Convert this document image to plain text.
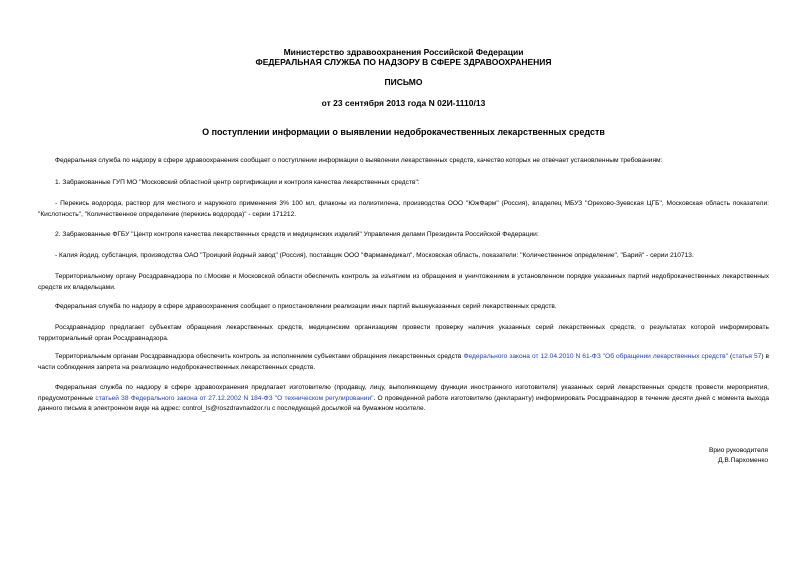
Министерство здравоохранения Российской Федерации
ФЕДЕРАЛЬНАЯ СЛУЖБА ПО НАДЗОРУ В СФЕРЕ ЗДРАВООХРАНЕНИЯ
ПИСЬМО
от 23 сентября 2013 года N 02И-1110/13
О поступлении информации о выявлении недоброкачественных лекарственных средств
Федеральная служба по надзору в сфере здравоохранения сообщает о поступлении информации о выявлении лекарственных средств, качество которых не отвечает установленным требованиям:
1. Забракованные ГУП МО "Московский областной центр сертификации и контроля качества лекарственных средств":
- Перекись водорода, раствор для местного и наружного применения 3% 100 мл, флаконы из полиэтилена, производства ООО "ЮжФарм" (Россия), владелец МБУЗ "Орехово-Зуевская ЦГБ", Московская область показатели: "Кислотность", "Количественное определение (перекись водорода)" - серии 171212.
2. Забракованные ФГБУ "Центр контроля качества лекарственных средств и медицинских изделий" Управления делами Президента Российской Федерации:
- Калия йодид, субстанция, производства ОАО "Троицкий йодный завод" (Россия), поставщик ООО "Фармамедикал", Московская область, показатели: "Количественное определение", "Барий" - серии 210713.
Территориальному органу Росздравнадзора по г.Москве и Московской области обеспечить контроль за изъятием из обращения и уничтожением в установленном порядке указанных партий недоброкачественных лекарственных средств их владельцами.
Федеральная служба по надзору в сфере здравоохранения сообщает о приостановлении реализации иных партий вышеуказанных серий лекарственных средств.
Росздравнадзор предлагает субъектам обращения лекарственных средств, медицинским организациям провести проверку наличия указанных серий лекарственных средств, о результатах которой информировать территориальный орган Росздравнадзора.
Территориальным органам Росздравнадзора обеспечить контроль за исполнением субъектами обращения лекарственных средств Федерального закона от 12.04.2010 N 61-ФЗ "Об обращении лекарственных средств" (статья 57) в части соблюдения запрета на реализацию недоброкачественных лекарственных средств.
Федеральная служба по надзору в сфере здравоохранения предлагает изготовителю (продавцу, лицу, выполняющему функции иностранного изготовителя) указанных серий лекарственных средств провести мероприятия, предусмотренные статьей 38 Федерального закона от 27.12.2002 N 184-ФЗ "О техническом регулировании". О проведенной работе изготовителю (декларанту) информировать Росздравнадзор в течение десяти дней с момента выхода данного письма в электронном виде на адрес: control_ls@roszdravnadzor.ru с последующей досылкой на бумажном носителе.
Врио руководителя
Д.В.Пархоменко
